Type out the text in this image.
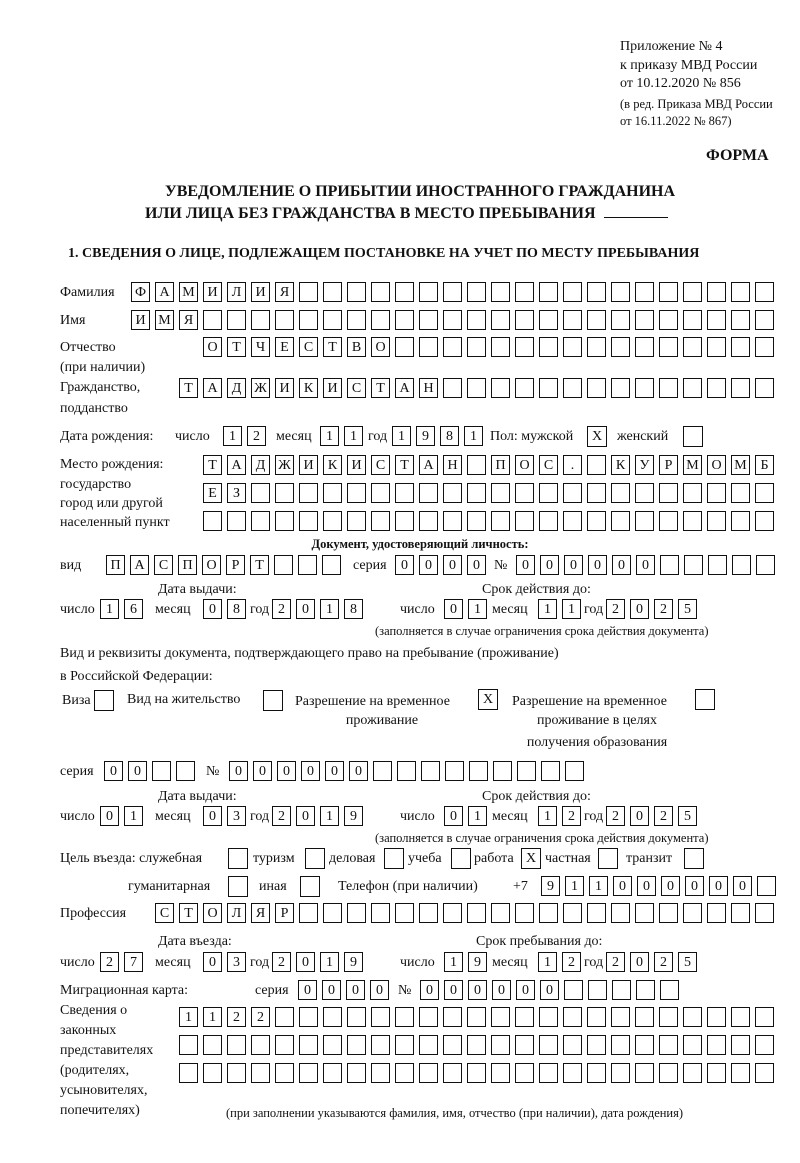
Приложение № 4
к приказу МВД России
от 10.12.2020 № 856
(в ред. Приказа МВД России
от 16.11.2022 № 867)
ФОРМА
УВЕДОМЛЕНИЕ О ПРИБЫТИИ ИНОСТРАННОГО ГРАЖДАНИНА
ИЛИ ЛИЦА БЕЗ ГРАЖДАНСТВА В МЕСТО ПРЕБЫВАНИЯ
1. СВЕДЕНИЯ О ЛИЦЕ, ПОДЛЕЖАЩЕМ ПОСТАНОВКЕ НА УЧЕТ ПО МЕСТУ ПРЕБЫВАНИЯ
Фамилия Ф А М И	Л	И	Я
Имя	И М Я
Отчество
(при наличии)
О	Т	Ч	Е	С	Т	В	О
Гражданство,
подданство
Т	А	Д Ж И	К	И	С	Т	А Н
Дата рождения: число	1	2	месяц	1	1 год 1	9	8	1 Пол: мужской	X	женский
Место рождения:
государство
город или другой
населенный пункт
Т	А	Д Ж И	К	И	С	Т	А Н	П О	С	.	К	У	Р М О М Б
Е	З
Документ, удостоверяющий личность:
вид	П А	С	П О	Р	Т	серия	0	0	0	0	№	0	0	0	0	0	0
Дата выдачи:	Срок действия до:
число 1	6	месяц	0	8 год 2	0	1	8	число	0	1 месяц	1	1 год 2	0	2	5
(заполняется в случае ограничения срока действия документа)
Вид и реквизиты документа, подтверждающего право на пребывание (проживание)
в Российской Федерации:
Виза	Вид на жительство	Разрешение на временное
проживание
X	Разрешение на временное
проживание в целях
получения образования
серия	0	0	№	0	0	0	0	0	0
Дата выдачи:	Срок действия до:
число 0	1	месяц	0	3 год 2	0	1	9	число	0	1 месяц	1	2 год 2	0	2	5
(заполняется в случае ограничения срока действия документа)
Цель въезда: служебная	туризм деловая учеба работа X частная	транзит
гуманитарная	иная	Телефон (при наличии)	+7	9	1	1	0	0	0	0	0	0
Профессия	С	Т	О	Л	Я	Р
Дата въезда:	Срок пребывания до:
число 2	7	месяц	0	3 год 2	0	1	9	число	1	9 месяц	1	2 год 2	0	2	5
Миграционная карта:	серия	0	0	0	0	№	0	0	0	0	0	0
Сведения о
законных
представителях
(родителях,
усыновителях,
попечителях)
1	1	2	2
(при заполнении указываются фамилия, имя, отчество (при наличии), дата рождения)
